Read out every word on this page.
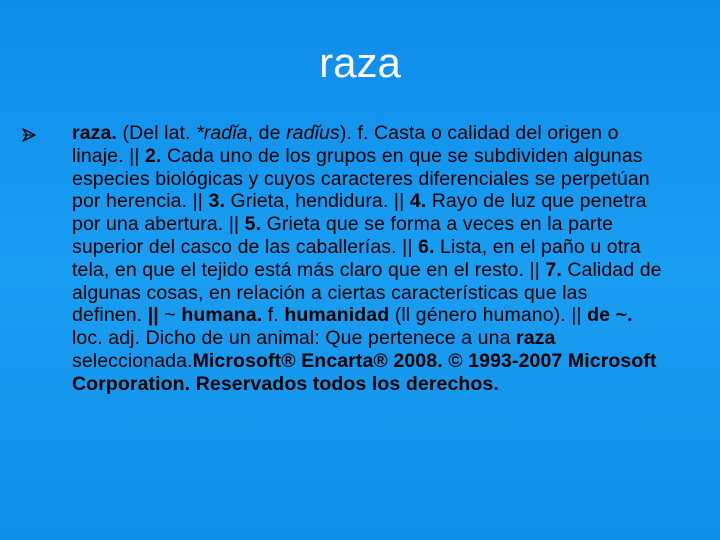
raza
raza. (Del lat. *radĭa, de radĭus). f. Casta o calidad del origen o linaje. || 2. Cada uno de los grupos en que se subdividen algunas especies biológicas y cuyos caracteres diferenciales se perpetúan por herencia. || 3. Grieta, hendidura. || 4. Rayo de luz que penetra por una abertura. || 5. Grieta que se forma a veces en la parte superior del casco de las caballerías. || 6. Lista, en el paño u otra tela, en que el tejido está más claro que en el resto. || 7. Calidad de algunas cosas, en relación a ciertas características que las definen. || ~ humana. f. humanidad (ll género humano). || de ~. loc. adj. Dicho de un animal: Que pertenece a una raza seleccionada.Microsoft® Encarta® 2008. © 1993-2007 Microsoft Corporation. Reservados todos los derechos.
